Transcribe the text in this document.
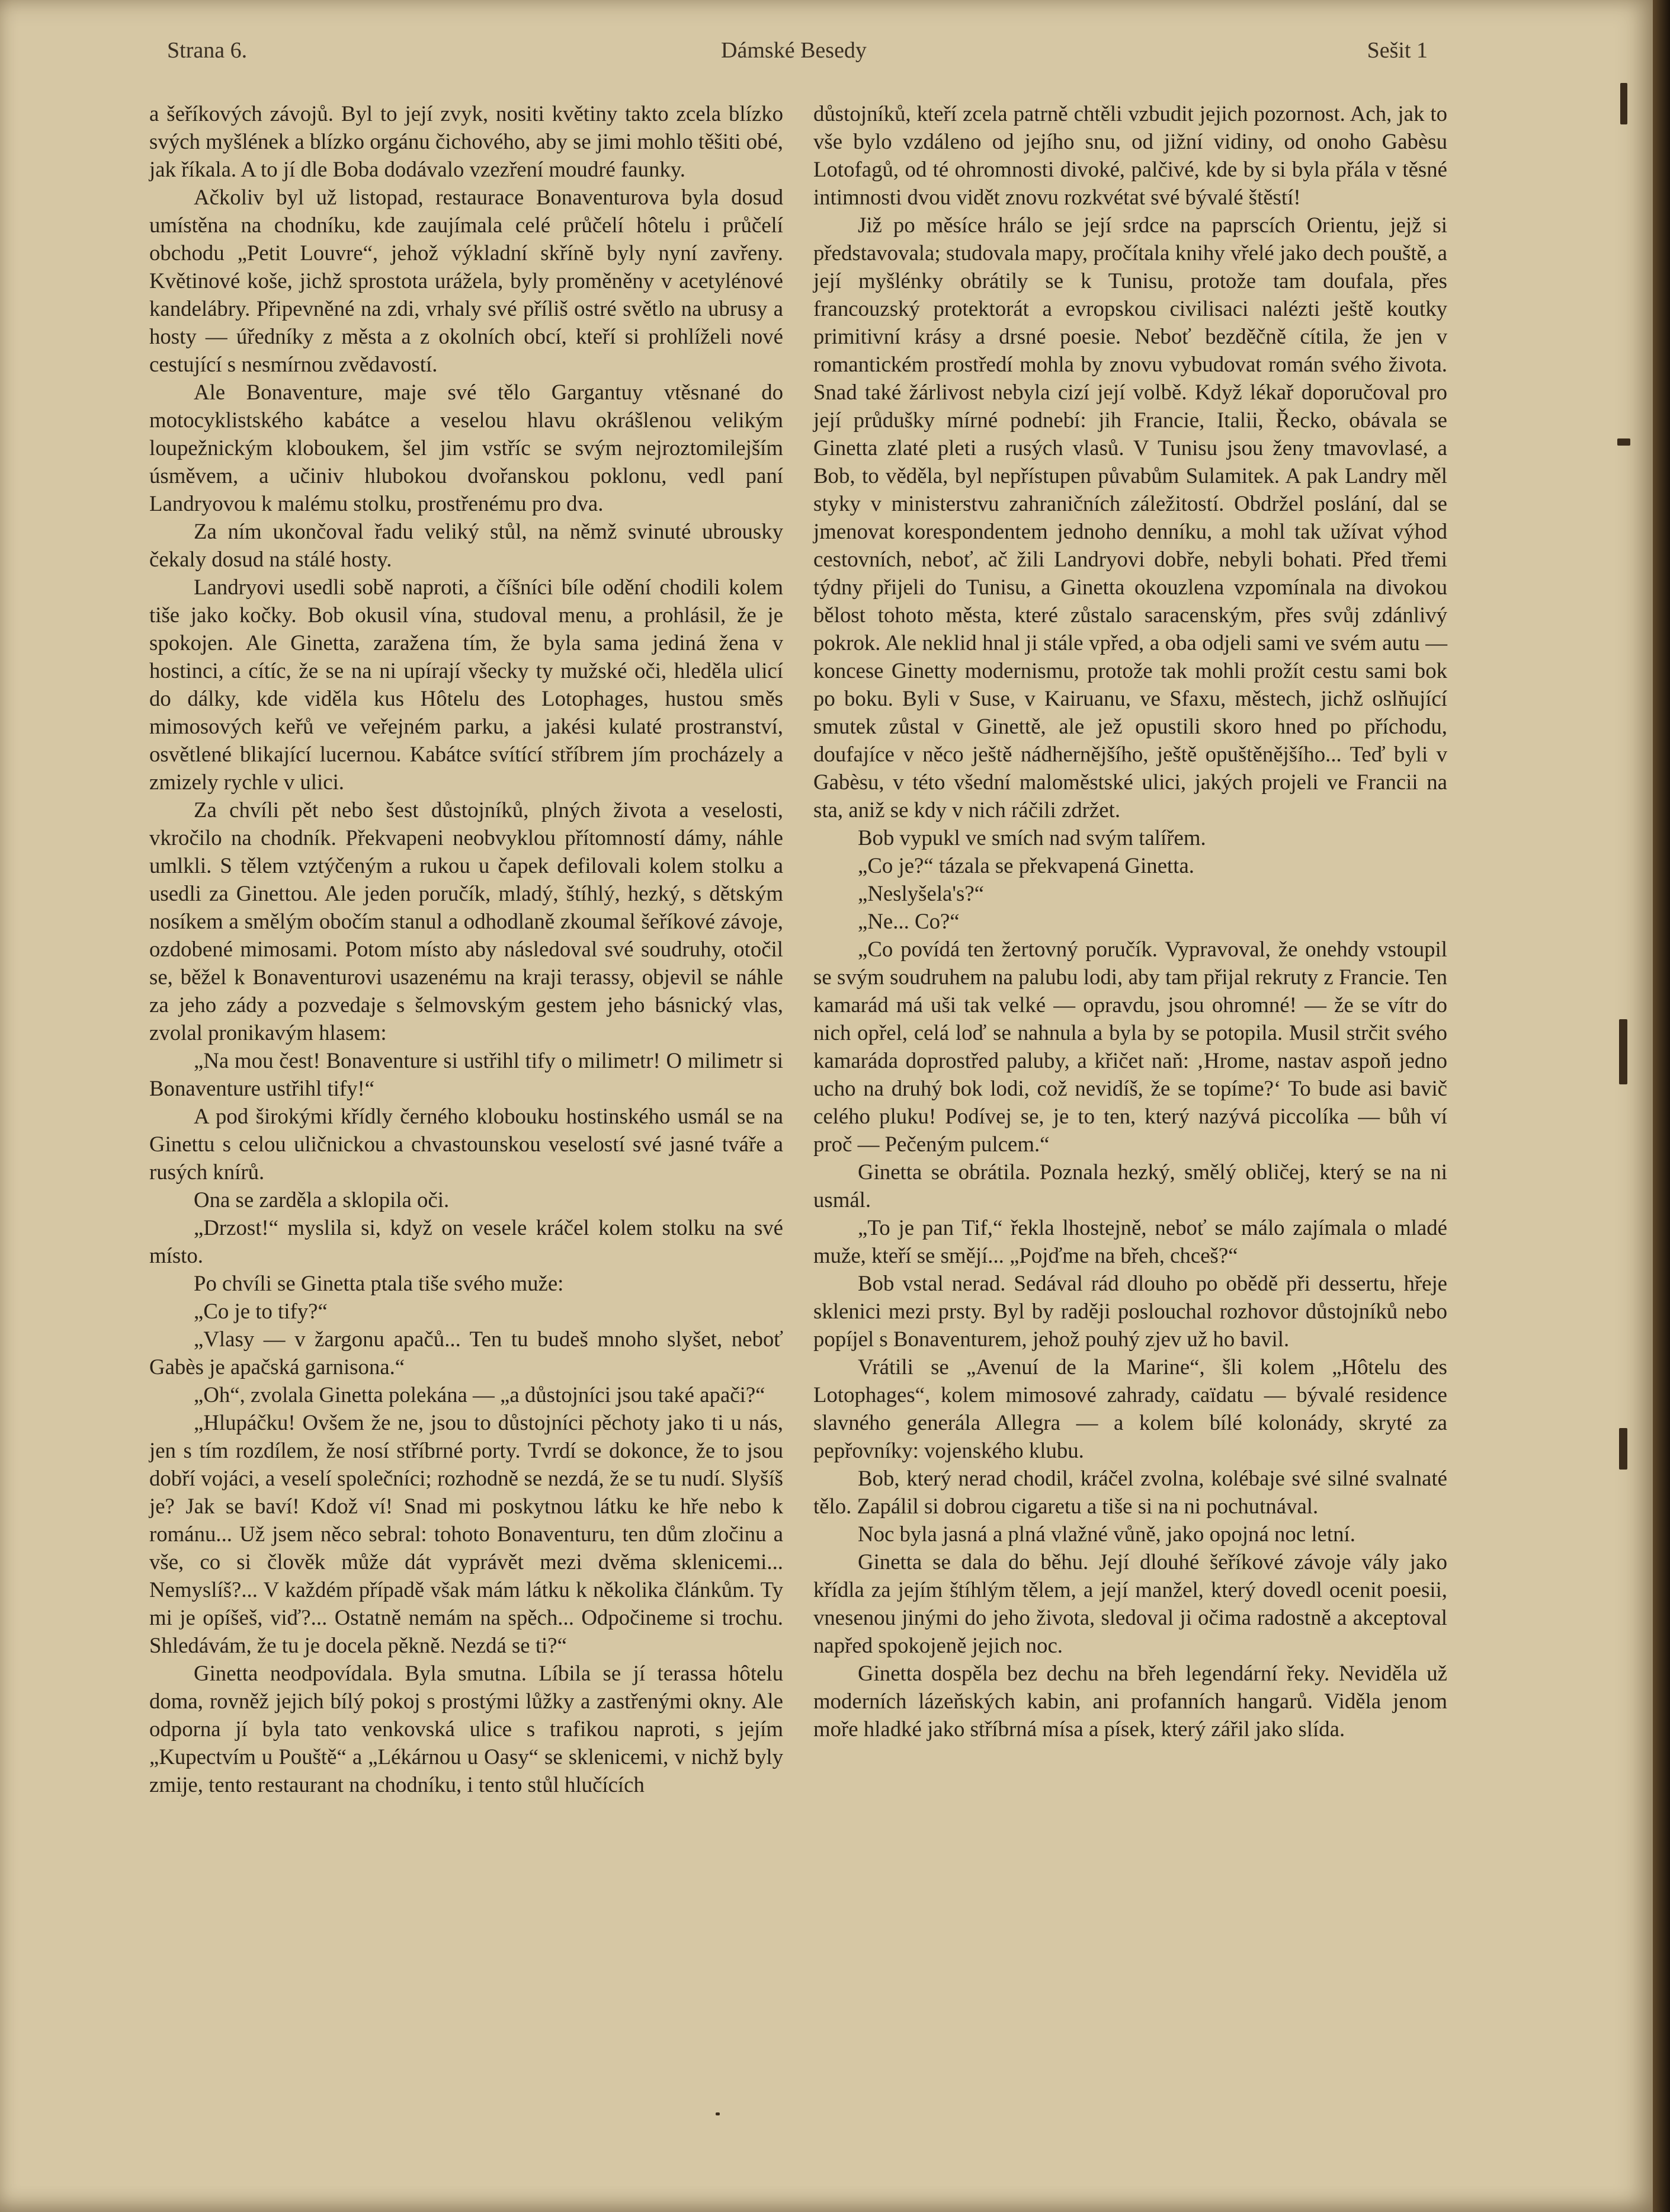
Strana 6.	Dámské Besedy	Sešit 1

a šeříkových závojů. Byl to její zvyk, nositi květiny takto zcela blízko svých myšlének a blízko orgánu čichového, aby se jimi mohlo těšiti obé, jak říkala. A to jí dle Boba dodávalo vzezření moudré faunky.

Ačkoliv byl už listopad, restaurace Bonaventurova byla dosud umístěna na chodníku, kde zaujímala celé průčelí hôtelu i průčelí obchodu „Petit Louvre“, jehož výkladní skříně byly nyní zavřeny. Květinové koše, jichž sprostota urážela, byly proměněny v acetylénové kandelábry. Připevněné na zdi, vrhaly své příliš ostré světlo na ubrusy a hosty — úředníky z města a z okolních obcí, kteří si prohlíželi nové cestující s nesmírnou zvědavostí.

Ale Bonaventure, maje své tělo Gargantuy vtěsnané do motocyklistského kabátce a veselou hlavu okrášlenou velikým loupežnickým kloboukem, šel jim vstříc se svým nejroztomilejším úsměvem, a učiniv hlubokou dvořanskou poklonu, vedl paní Landryovou k malému stolku, prostřenému pro dva.

Za ním ukončoval řadu veliký stůl, na němž svinuté ubrousky čekaly dosud na stálé hosty.

Landryovi usedli sobě naproti, a číšníci bíle odění chodili kolem tiše jako kočky. Bob okusil vína, studoval menu, a prohlásil, že je spokojen. Ale Ginetta, zaražena tím, že byla sama jediná žena v hostinci, a cítíc, že se na ni upírají všecky ty mužské oči, hleděla ulicí do dálky, kde viděla kus Hôtelu des Lotophages, hustou směs mimosových keřů ve veřejném parku, a jakési kulaté prostranství, osvětlené blikající lucernou. Kabátce svítící stříbrem jím procházely a zmizely rychle v ulici.

Za chvíli pět nebo šest důstojníků, plných života a veselosti, vkročilo na chodník. Překvapeni neobvyklou přítomností dámy, náhle umlkli. S tělem vztýčeným a rukou u čapek defilovali kolem stolku a usedli za Ginettou. Ale jeden poručík, mladý, štíhlý, hezký, s dětským nosíkem a smělým obočím stanul a odhodlaně zkoumal šeříkové závoje, ozdobené mimosami. Potom místo aby následoval své soudruhy, otočil se, běžel k Bonaventurovi usazenému na kraji terassy, objevil se náhle za jeho zády a pozvedaje s šelmovským gestem jeho básnický vlas, zvolal pronikavým hlasem:

„Na mou čest! Bonaventure si ustřihl tify o milimetr! O milimetr si Bonaventure ustřihl tify!“

A pod širokými křídly černého klobouku hostinského usmál se na Ginettu s celou uličnickou a chvastounskou veselostí své jasné tváře a rusých knírů.

Ona se zarděla a sklopila oči.

„Drzost!“ myslila si, když on vesele kráčel kolem stolku na své místo.

Po chvíli se Ginetta ptala tiše svého muže:

„Co je to tify?“

„Vlasy — v žargonu apačů... Ten tu budeš mnoho slyšet, neboť Gabès je apačská garnisona.“

„Oh“, zvolala Ginetta polekána — „a důstojníci jsou také apači?“

„Hlupáčku! Ovšem že ne, jsou to důstojníci pěchoty jako ti u nás, jen s tím rozdílem, že nosí stříbrné porty. Tvrdí se dokonce, že to jsou dobří vojáci, a veselí společníci; rozhodně se nezdá, že se tu nudí. Slyšíš je? Jak se baví! Kdož ví! Snad mi poskytnou látku ke hře nebo k románu... Už jsem něco sebral: tohoto Bonaventuru, ten dům zločinu a vše, co si člověk může dát vyprávět mezi dvěma sklenicemi... Nemyslíš?... V každém případě však mám látku k několika článkům. Ty mi je opíšeš, viď?... Ostatně nemám na spěch... Odpočineme si trochu. Shledávám, že tu je docela pěkně. Nezdá se ti?“

Ginetta neodpovídala. Byla smutna. Líbila se jí terassa hôtelu doma, rovněž jejich bílý pokoj s prostými lůžky a zastřenými okny. Ale odporna jí byla tato venkovská ulice s trafikou naproti, s jejím „Kupectvím u Pouště“ a „Lékárnou u Oasy“ se sklenicemi, v nichž byly zmije, tento restaurant na chodníku, i tento stůl hlučících

důstojníků, kteří zcela patrně chtěli vzbudit jejich pozornost. Ach, jak to vše bylo vzdáleno od jejího snu, od jižní vidiny, od onoho Gabèsu Lotofagů, od té ohromnosti divoké, palčivé, kde by si byla přála v těsné intimnosti dvou vidět znovu rozkvétat své bývalé štěstí!

Již po měsíce hrálo se její srdce na paprscích Orientu, jejž si představovala; studovala mapy, pročítala knihy vřelé jako dech pouště, a její myšlénky obrátily se k Tunisu, protože tam doufala, přes francouzský protektorát a evropskou civilisaci nalézti ještě koutky primitivní krásy a drsné poesie. Neboť bezděčně cítila, že jen v romantickém prostředí mohla by znovu vybudovat román svého života. Snad také žárlivost nebyla cizí její volbě. Když lékař doporučoval pro její průdušky mírné podnebí: jih Francie, Italii, Řecko, obávala se Ginetta zlaté pleti a rusých vlasů. V Tunisu jsou ženy tmavovlasé, a Bob, to věděla, byl nepřístupen půvabům Sulamitek. A pak Landry měl styky v ministerstvu zahraničních záležitostí. Obdržel poslání, dal se jmenovat korespondentem jednoho denníku, a mohl tak užívat výhod cestovních, neboť, ač žili Landryovi dobře, nebyli bohati. Před třemi týdny přijeli do Tunisu, a Ginetta okouzlena vzpomínala na divokou bělost tohoto města, které zůstalo saracenským, přes svůj zdánlivý pokrok. Ale neklid hnal ji stále vpřed, a oba odjeli sami ve svém autu — koncese Ginetty modernismu, protože tak mohli prožít cestu sami bok po boku. Byli v Suse, v Kairuanu, ve Sfaxu, městech, jichž oslňující smutek zůstal v Ginettě, ale jež opustili skoro hned po příchodu, doufajíce v něco ještě nádhernějšího, ještě opuštěnějšího... Teď byli v Gabèsu, v této všední maloměstské ulici, jakých projeli ve Francii na sta, aniž se kdy v nich ráčili zdržet.

Bob vypukl ve smích nad svým talířem.

„Co je?“ tázala se překvapená Ginetta.

„Neslyšela's?“

„Ne... Co?“

„Co povídá ten žertovný poručík. Vypravoval, že onehdy vstoupil se svým soudruhem na palubu lodi, aby tam přijal rekruty z Francie. Ten kamarád má uši tak velké — opravdu, jsou ohromné! — že se vítr do nich opřel, celá loď se nahnula a byla by se potopila. Musil strčit svého kamaráda doprostřed paluby, a křičet naň: ‚Hrome, nastav aspoň jedno ucho na druhý bok lodi, což nevidíš, že se topíme?‘ To bude asi bavič celého pluku! Podívej se, je to ten, který nazývá piccolíka — bůh ví proč — Pečeným pulcem.“

Ginetta se obrátila. Poznala hezký, smělý obličej, který se na ni usmál.

„To je pan Tif,“ řekla lhostejně, neboť se málo zajímala o mladé muže, kteří se smějí... „Pojďme na břeh, chceš?“

Bob vstal nerad. Sedával rád dlouho po obědě při dessertu, hřeje sklenici mezi prsty. Byl by raději poslouchal rozhovor důstojníků nebo popíjel s Bonaventurem, jehož pouhý zjev už ho bavil.

Vrátili se „Avenuí de la Marine“, šli kolem „Hôtelu des Lotophages“, kolem mimosové zahrady, caïdatu — bývalé residence slavného generála Allegra — a kolem bílé kolonády, skryté za pepřovníky: vojenského klubu.

Bob, který nerad chodil, kráčel zvolna, kolébaje své silné svalnaté tělo. Zapálil si dobrou cigaretu a tiše si na ni pochutnával.

Noc byla jasná a plná vlažné vůně, jako opojná noc letní.

Ginetta se dala do běhu. Její dlouhé šeříkové závoje vály jako křídla za jejím štíhlým tělem, a její manžel, který dovedl ocenit poesii, vnesenou jinými do jeho života, sledoval ji očima radostně a akceptoval napřed spokojeně jejich noc.

Ginetta dospěla bez dechu na břeh legendární řeky. Neviděla už moderních lázeňských kabin, ani profanních hangarů. Viděla jenom moře hladké jako stříbrná mísa a písek, který zářil jako slída.
